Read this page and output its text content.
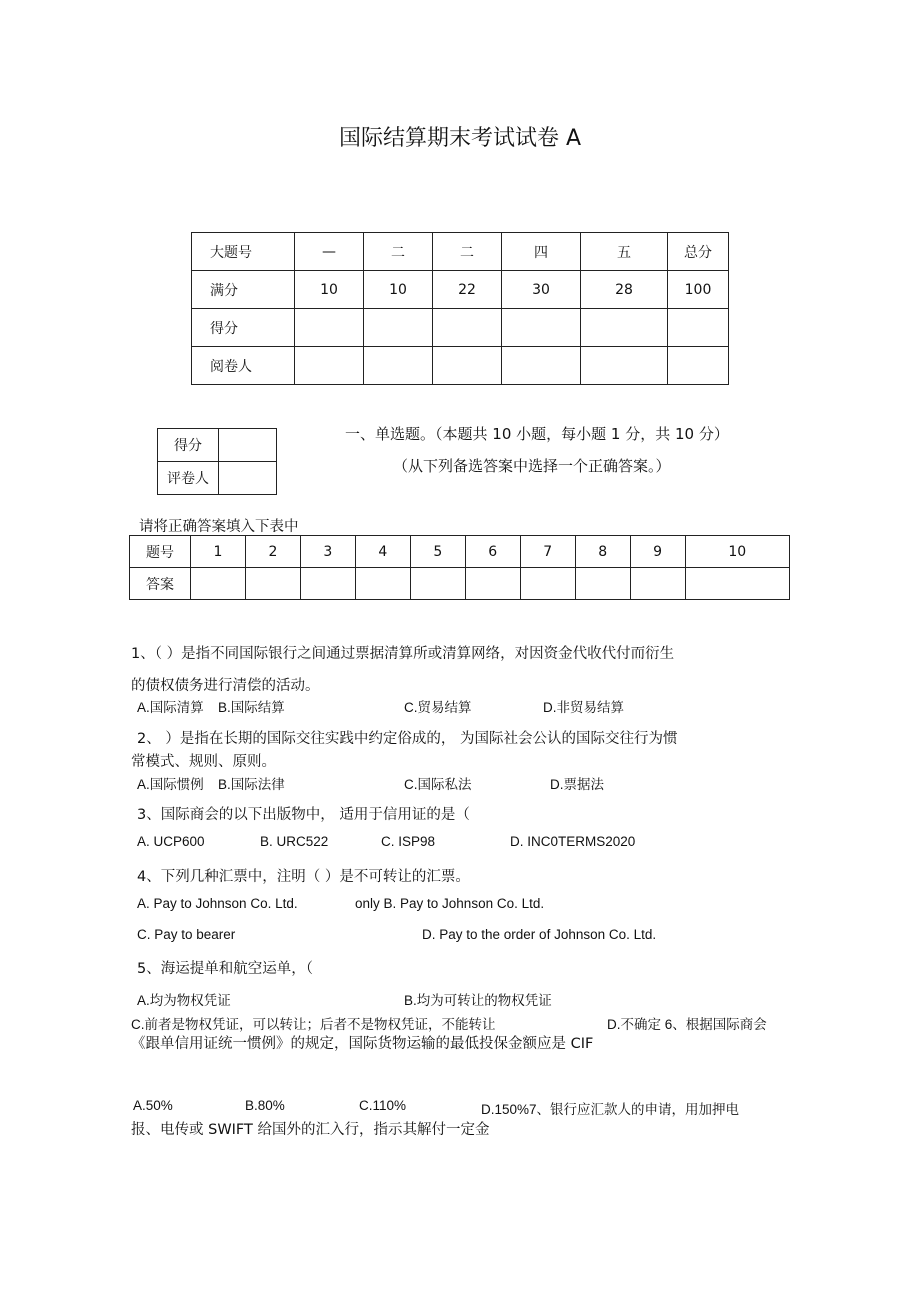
国际结算期末考试试卷 A
大题号	—	二	二	四	五	总分
满分	10	10	22	30	28	100
得分						
阅卷人						
得分	
评卷人	
一、单选题。（本题共 10 小题，每小题 1 分，共 10 分）
（从下列备选答案中选择一个正确答案。）
请将正确答案填入下表中
题号	1	2	3	4	5	6	7	8	9	10
答案										
1、（ ）是指不同国际银行之间通过票据清算所或清算网络，对因资金代收代付而衍生
的债权债务进行清偿的活动。
A.国际清算 B.国际结算	C.贸易结算	D.非贸易结算
2、 ）是指在长期的国际交往实践中约定俗成的， 为国际社会公认的国际交往行为惯
常模式、规则、原则。
A.国际惯例 B.国际法律	C.国际私法	D.票据法
3、国际商会的以下出版物中， 适用于信用证的是（
A. UCP600	B. URC522	C. ISP98	D. INC0TERMS2020
4、下列几种汇票中，注明（ ）是不可转让的汇票。
A. Pay to Johnson Co. Ltd.	only B. Pay to Johnson Co. Ltd.
C. Pay to bearer	D. Pay to the order of Johnson Co. Ltd.
5、海运提单和航空运单，（
A.均为物权凭证	B.均为可转让的物权凭证
C.前者是物权凭证，可以转让；后者不是物权凭证，不能转让	D.不确定 6、根据国际商会
《跟单信用证统一惯例》的规定，国际货物运输的最低投保金额应是 CIF
A.50%	B.80%	C.110%	D.150%7、银行应汇款人的申请，用加押电
报、电传或 SWIFT 给国外的汇入行，指示其解付一定金
